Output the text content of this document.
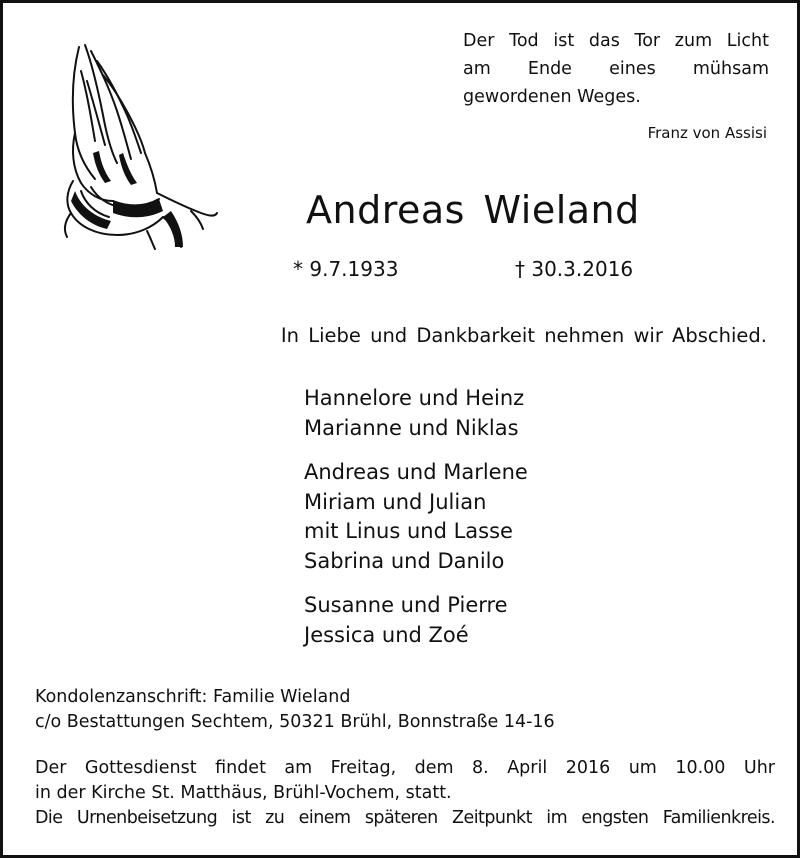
Der Tod ist das Tor zum Licht
am Ende eines mühsam
gewordenen Weges.
Franz von Assisi
Andreas Wieland
* 9.7.1933	† 30.3.2016
In Liebe und Dankbarkeit nehmen wir Abschied.
Hannelore und Heinz
Marianne und Niklas
Andreas und Marlene
Miriam und Julian
mit Linus und Lasse
Sabrina und Danilo
Susanne und Pierre
Jessica und Zoé
Kondolenzanschrift: Familie Wieland
c/o Bestattungen Sechtem, 50321 Brühl, Bonnstraße 14-16
Der Gottesdienst findet am Freitag, dem 8. April 2016 um 10.00 Uhr
in der Kirche St. Matthäus, Brühl-Vochem, statt.
Die Urnenbeisetzung ist zu einem späteren Zeitpunkt im engsten Familienkreis.
